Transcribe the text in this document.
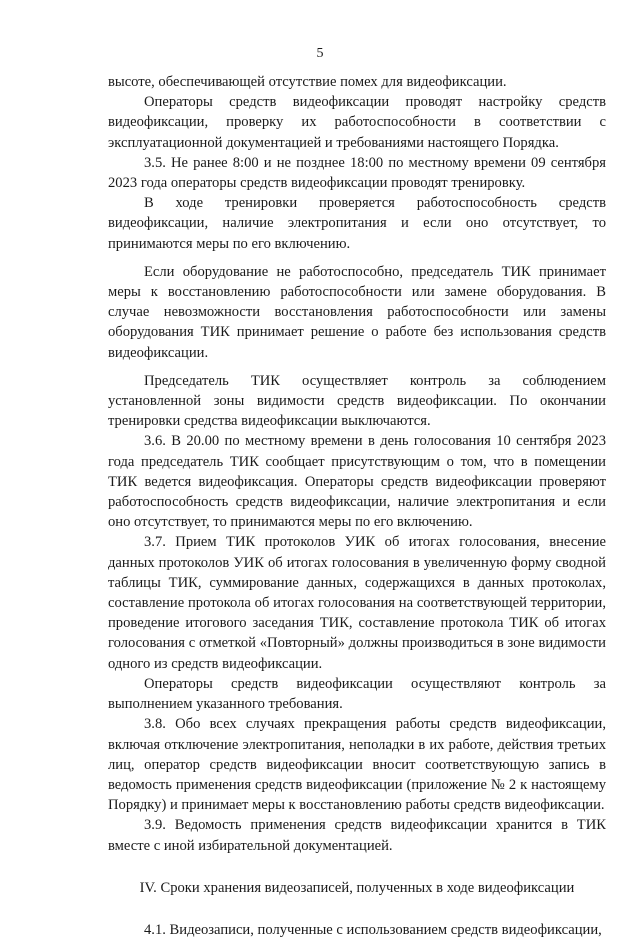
5

высоте, обеспечивающей отсутствие помех для видеофиксации.

Операторы средств видеофиксации проводят настройку средств видеофиксации, проверку их работоспособности в соответствии с эксплуатационной документацией и требованиями настоящего Порядка.

3.5. Не ранее 8:00 и не позднее 18:00 по местному времени 09 сентября 2023 года операторы средств видеофиксации проводят тренировку.

В ходе тренировки проверяется работоспособность средств видеофиксации, наличие электропитания и если оно отсутствует, то принимаются меры по его включению.

Если оборудование не работоспособно, председатель ТИК принимает меры к восстановлению работоспособности или замене оборудования. В случае невозможности восстановления работоспособности или замены оборудования ТИК принимает решение о работе без использования средств видеофиксации.

Председатель ТИК осуществляет контроль за соблюдением установленной зоны видимости средств видеофиксации. По окончании тренировки средства видеофиксации выключаются.

3.6. В 20.00 по местному времени в день голосования 10 сентября 2023 года председатель ТИК сообщает присутствующим о том, что в помещении ТИК ведется видеофиксация. Операторы средств видеофиксации проверяют работоспособность средств видеофиксации, наличие электропитания и если оно отсутствует, то принимаются меры по его включению.

3.7. Прием ТИК протоколов УИК об итогах голосования, внесение данных протоколов УИК об итогах голосования в увеличенную форму сводной таблицы ТИК, суммирование данных, содержащихся в данных протоколах, составление протокола об итогах голосования на соответствующей территории, проведение итогового заседания ТИК, составление протокола ТИК об итогах голосования с отметкой «Повторный» должны производиться в зоне видимости одного из средств видеофиксации.

Операторы средств видеофиксации осуществляют контроль за выполнением указанного требования.

3.8. Обо всех случаях прекращения работы средств видеофиксации, включая отключение электропитания, неполадки в их работе, действия третьих лиц, оператор средств видеофиксации вносит соответствующую запись в ведомость применения средств видеофиксации (приложение № 2 к настоящему Порядку) и принимает меры к восстановлению работы средств видеофиксации.

3.9. Ведомость применения средств видеофиксации хранится в ТИК вместе с иной избирательной документацией.

IV. Сроки хранения видеозаписей, полученных в ходе видеофиксации

4.1. Видеозаписи, полученные с использованием средств видеофиксации,
